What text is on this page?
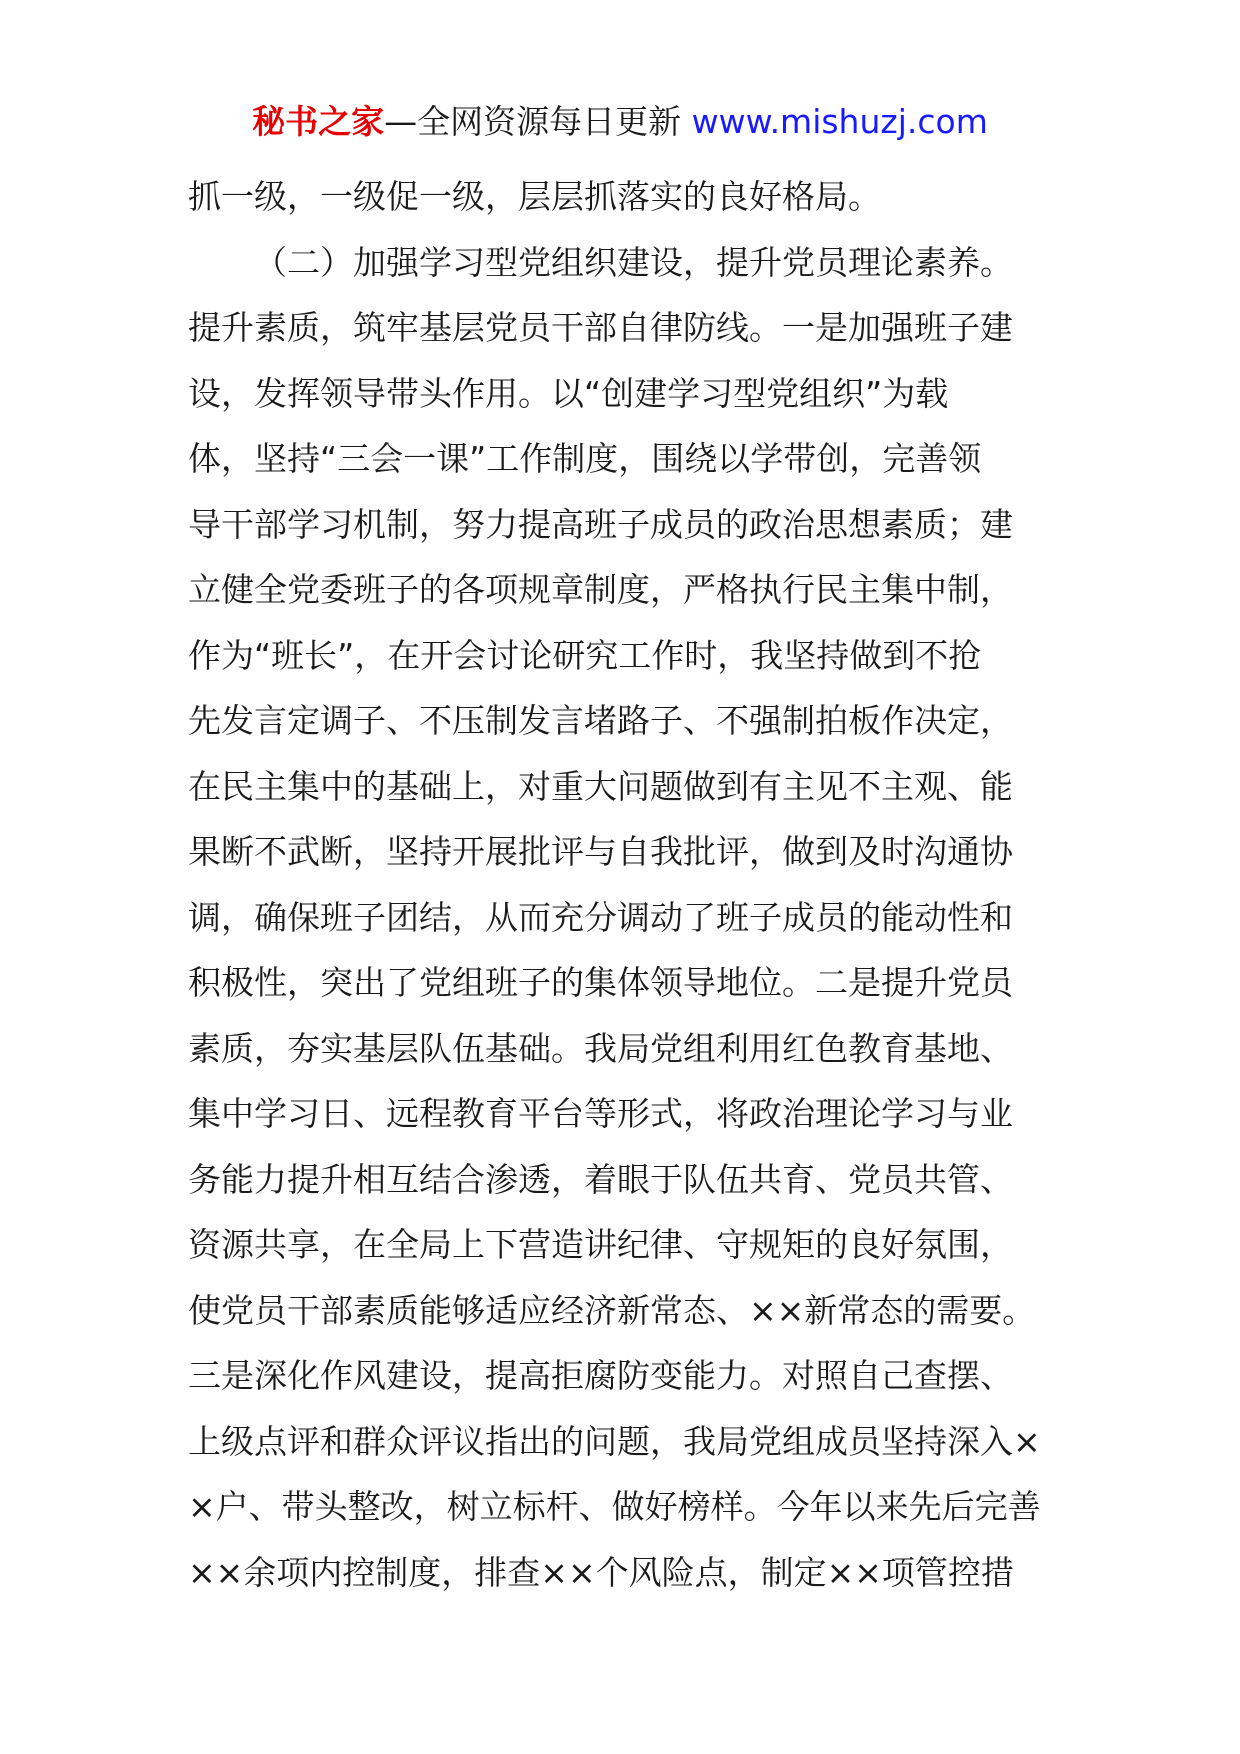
秘书之家—全网资源每日更新 www.mishuzj.com
抓一级，一级促一级，层层抓落实的良好格局。
（二）加强学习型党组织建设，提升党员理论素养。
提升素质，筑牢基层党员干部自律防线。一是加强班子建
设，发挥领导带头作用。以“创建学习型党组织”为载
体，坚持“三会一课”工作制度，围绕以学带创，完善领
导干部学习机制，努力提高班子成员的政治思想素质；建
立健全党委班子的各项规章制度，严格执行民主集中制，
作为“班长”，在开会讨论研究工作时，我坚持做到不抢
先发言定调子、不压制发言堵路子、不强制拍板作决定，
在民主集中的基础上，对重大问题做到有主见不主观、能
果断不武断，坚持开展批评与自我批评，做到及时沟通协
调，确保班子团结，从而充分调动了班子成员的能动性和
积极性，突出了党组班子的集体领导地位。二是提升党员
素质，夯实基层队伍基础。我局党组利用红色教育基地、
集中学习日、远程教育平台等形式，将政治理论学习与业
务能力提升相互结合渗透，着眼于队伍共育、党员共管、
资源共享，在全局上下营造讲纪律、守规矩的良好氛围，
使党员干部素质能够适应经济新常态、××新常态的需要。
三是深化作风建设，提高拒腐防变能力。对照自己查摆、
上级点评和群众评议指出的问题，我局党组成员坚持深入×
×户、带头整改，树立标杆、做好榜样。今年以来先后完善
××余项内控制度，排查××个风险点，制定××项管控措
